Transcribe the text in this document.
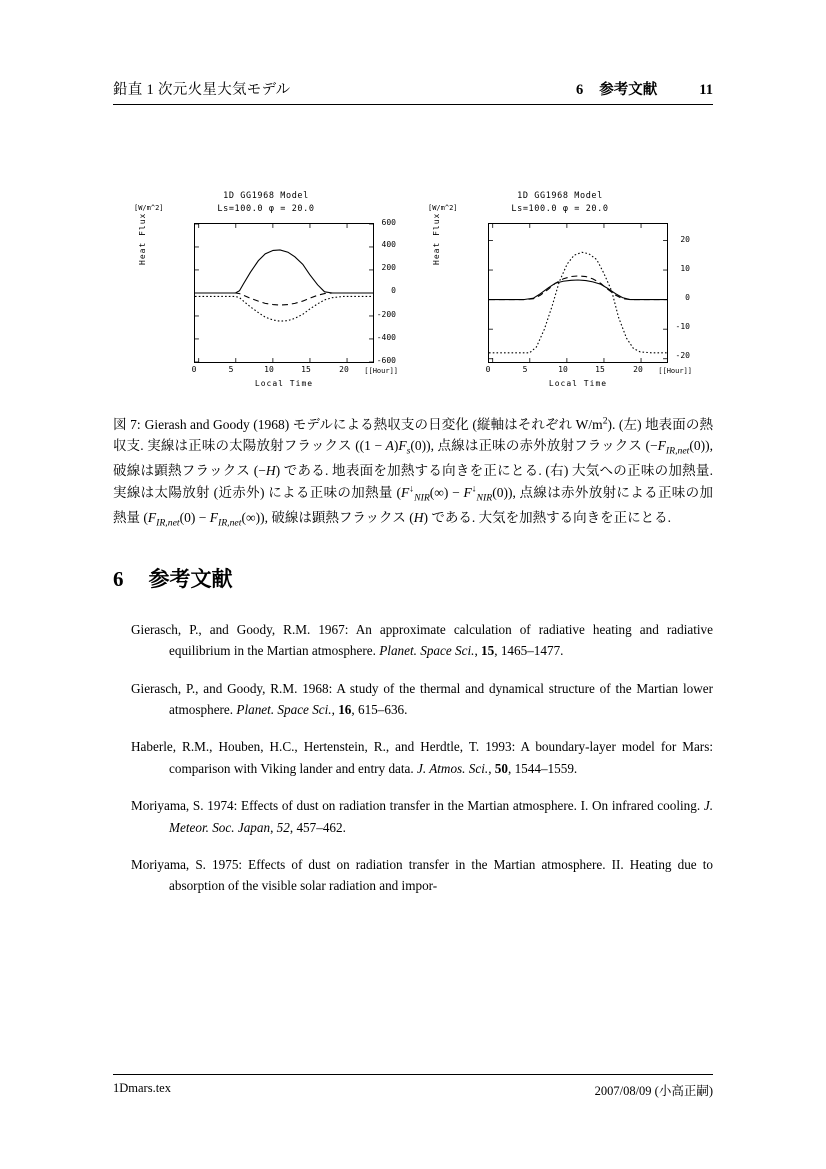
鉛直 1 次元火星大気モデル	6 参考文献	11
1D GG1968 Model
Ls=100.0 φ = 20.0
[W/m^2]
Heat Flux	600
400
200
0
-200
-400
-600
0	5	10	15	20
Local Time
[[Hour]]
1D GG1968 Model
Ls=100.0 φ = 20.0
[W/m^2]
Heat Flux	20
10
0
-10
-20
0	5	10	15	20
Local Time
[[Hour]]
図 7: Gierash and Goody (1968) モデルによる熱収支の日変化 (縦軸はそれぞれ $W/m^2$). (左) 地表面の熱収支. 実線は正味の太陽放射フラックス $((1 - A)F_s(0))$, 点線は正味の赤外放射フラックス $(-F_{IR,net}(0))$, 破線は顕熱フラックス (−H) である. 地表面を加熱する向きを正にとる. (右) 大気への正味の加熱量. 実線は太陽放射 (近赤外) による正味の加熱量 $(F^↓_{NIR}(\infty) - F^↓_{NIR}(0))$, 点線は赤外放射による正味の加熱量 $(F_{IR,net}(0) - F_{IR,net}(\infty))$, 破線は顕熱フラックス (H) である. 大気を加熱する向きを正にとる.
6 参考文献
Gierasch, P., and Goody, R.M. 1967: An approximate calculation of radiative heating and radiative equilibrium in the Martian atmosphere. Planet. Space Sci., 15, 1465–1477.
Gierasch, P., and Goody, R.M. 1968: A study of the thermal and dynamical structure of the Martian lower atmosphere. Planet. Space Sci., 16, 615–636.
Haberle, R.M., Houben, H.C., Hertenstein, R., and Herdtle, T. 1993: A boundary-layer model for Mars: comparison with Viking lander and entry data. J. Atmos. Sci., 50, 1544–1559.
Moriyama, S. 1974: Effects of dust on radiation transfer in the Martian atmosphere. I. On infrared cooling. J. Meteor. Soc. Japan, 52, 457–462.
Moriyama, S. 1975: Effects of dust on radiation transfer in the Martian atmosphere. II. Heating due to absorption of the visible solar radiation and impor-
1Dmars.tex	2007/08/09 (小高正嗣)
